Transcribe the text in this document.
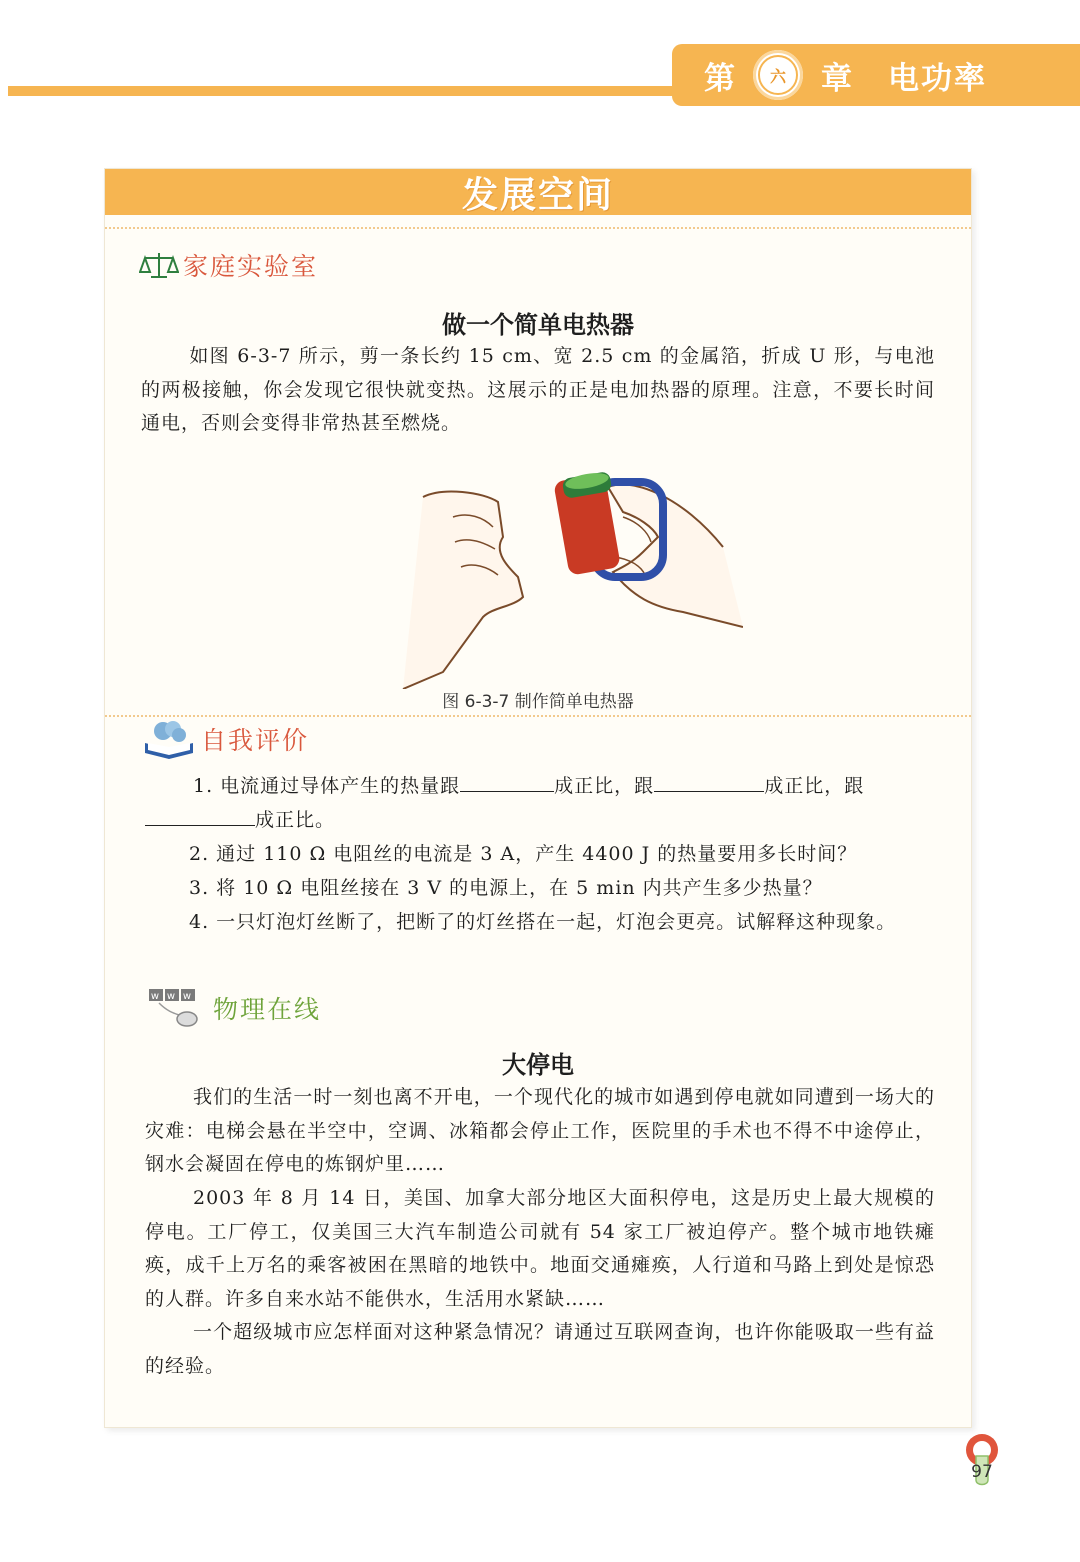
第	六	章 电功率
发展空间
家庭实验室
做一个简单电热器

如图 6-3-7 所示，剪一条长约 15 cm、宽 2.5 cm 的金属箔，折成 U 形，与电池的两极接触，你会发现它很快就变热。这展示的正是电加热器的原理。注意，不要长时间通电，否则会变得非常热甚至燃烧。

图 6-3-7 制作简单电热器
自我评价

1. 电流通过导体产生的热量跟	成正比，跟	成正比，跟

成正比。

2. 通过 110 Ω 电阻丝的电流是 3 A，产生 4400 J 的热量要用多长时间？

3. 将 10 Ω 电阻丝接在 3 V 的电源上，在 5 min 内共产生多少热量？

4. 一只灯泡灯丝断了，把断了的灯丝搭在一起，灯泡会更亮。试解释这种现象。

w w w 物理在线
大停电

我们的生活一时一刻也离不开电，一个现代化的城市如遇到停电就如同遭到一场大的灾难：电梯会悬在半空中，空调、冰箱都会停止工作，医院里的手术也不得不中途停止，钢水会凝固在停电的炼钢炉里……

2003 年 8 月 14 日，美国、加拿大部分地区大面积停电，这是历史上最大规模的停电。工厂停工，仅美国三大汽车制造公司就有 54 家工厂被迫停产。整个城市地铁瘫痪，成千上万名的乘客被困在黑暗的地铁中。地面交通瘫痪，人行道和马路上到处是惊恐的人群。许多自来水站不能供水，生活用水紧缺……

一个超级城市应怎样面对这种紧急情况？请通过互联网查询，也许你能吸取一些有益的经验。

97
